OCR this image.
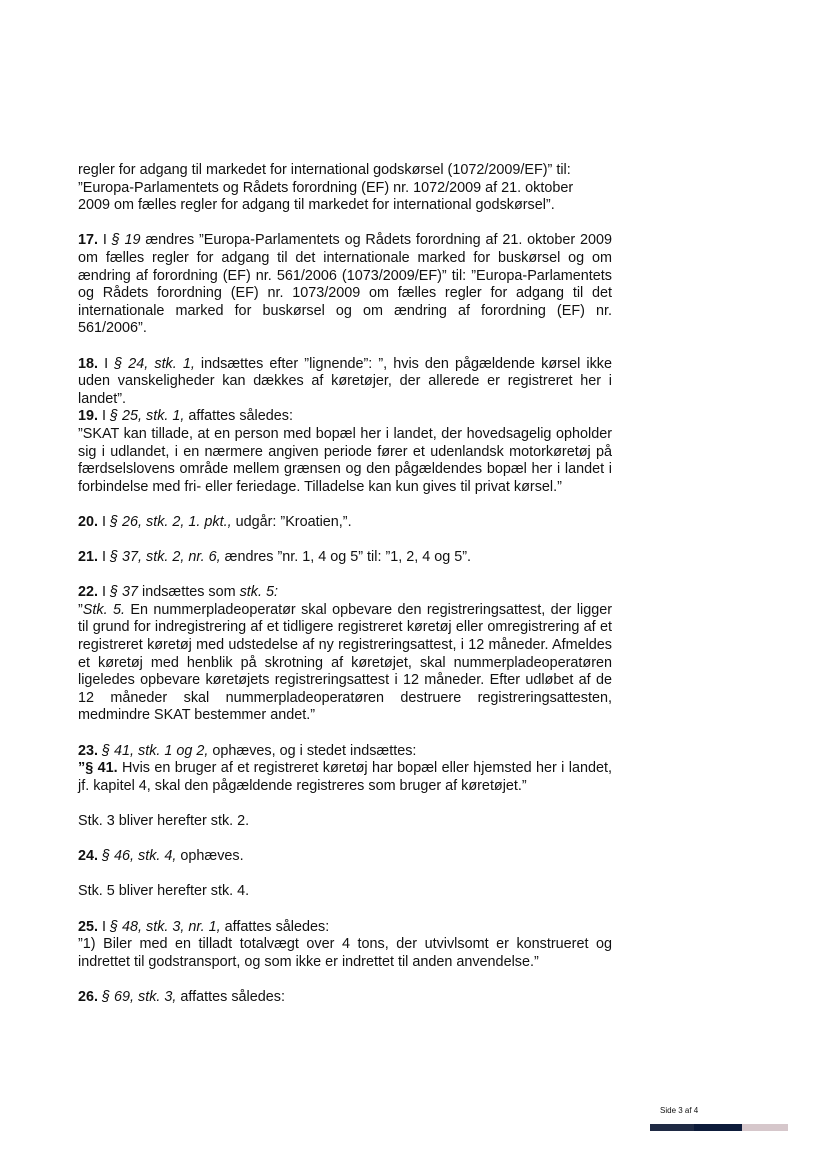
regler for adgang til markedet for international godskørsel (1072/2009/EF)” til:

”Europa-Parlamentets og Rådets forordning (EF) nr. 1072/2009 af 21. oktober

2009 om fælles regler for adgang til markedet for international godskørsel”.

17. I § 19 ændres ”Europa-Parlamentets og Rådets forordning af 21. oktober 2009 om fælles regler for adgang til det internationale marked for buskørsel og om ændring af forordning (EF) nr. 561/2006 (1073/2009/EF)” til: ”Europa-Parlamentets og Rådets forordning (EF) nr. 1073/2009 om fælles regler for adgang til det internationale marked for buskørsel og om ændring af forordning (EF) nr. 561/2006”.

18. I § 24, stk. 1, indsættes efter ”lignende”: ”, hvis den pågældende kørsel ikke uden vanskeligheder kan dækkes af køretøjer, der allerede er registreret her i landet”.

19. I § 25, stk. 1, affattes således:

”SKAT kan tillade, at en person med bopæl her i landet, der hovedsagelig opholder sig i udlandet, i en nærmere angiven periode fører et udenlandsk motorkøretøj på færdselslovens område mellem grænsen og den pågældendes bopæl her i landet i forbindelse med fri- eller feriedage. Tilladelse kan kun gives til privat kørsel.”

20. I § 26, stk. 2, 1. pkt., udgår: ”Kroatien,”.

21. I § 37, stk. 2, nr. 6, ændres ”nr. 1, 4 og 5” til: ”1, 2, 4 og 5”.

22. I § 37 indsættes som stk. 5:

”Stk. 5. En nummerpladeoperatør skal opbevare den registreringsattest, der ligger til grund for indregistrering af et tidligere registreret køretøj eller omregistrering af et registreret køretøj med udstedelse af ny registreringsattest, i 12 måneder. Afmeldes et køretøj med henblik på skrotning af køretøjet, skal nummerpladeoperatøren ligeledes opbevare køretøjets registreringsattest i 12 måneder. Efter udløbet af de 12 måneder skal nummerpladeoperatøren destruere registreringsattesten, medmindre SKAT bestemmer andet.”

23. § 41, stk. 1 og 2, ophæves, og i stedet indsættes:

”§ 41. Hvis en bruger af et registreret køretøj har bopæl eller hjemsted her i landet, jf. kapitel 4, skal den pågældende registreres som bruger af køretøjet.”

Stk. 3 bliver herefter stk. 2.

24. § 46, stk. 4, ophæves.

Stk. 5 bliver herefter stk. 4.

25. I § 48, stk. 3, nr. 1, affattes således:

”1) Biler med en tilladt totalvægt over 4 tons, der utvivlsomt er konstrueret og indrettet til godstransport, og som ikke er indrettet til anden anvendelse.”

26. § 69, stk. 3, affattes således:

Side 3 af 4
